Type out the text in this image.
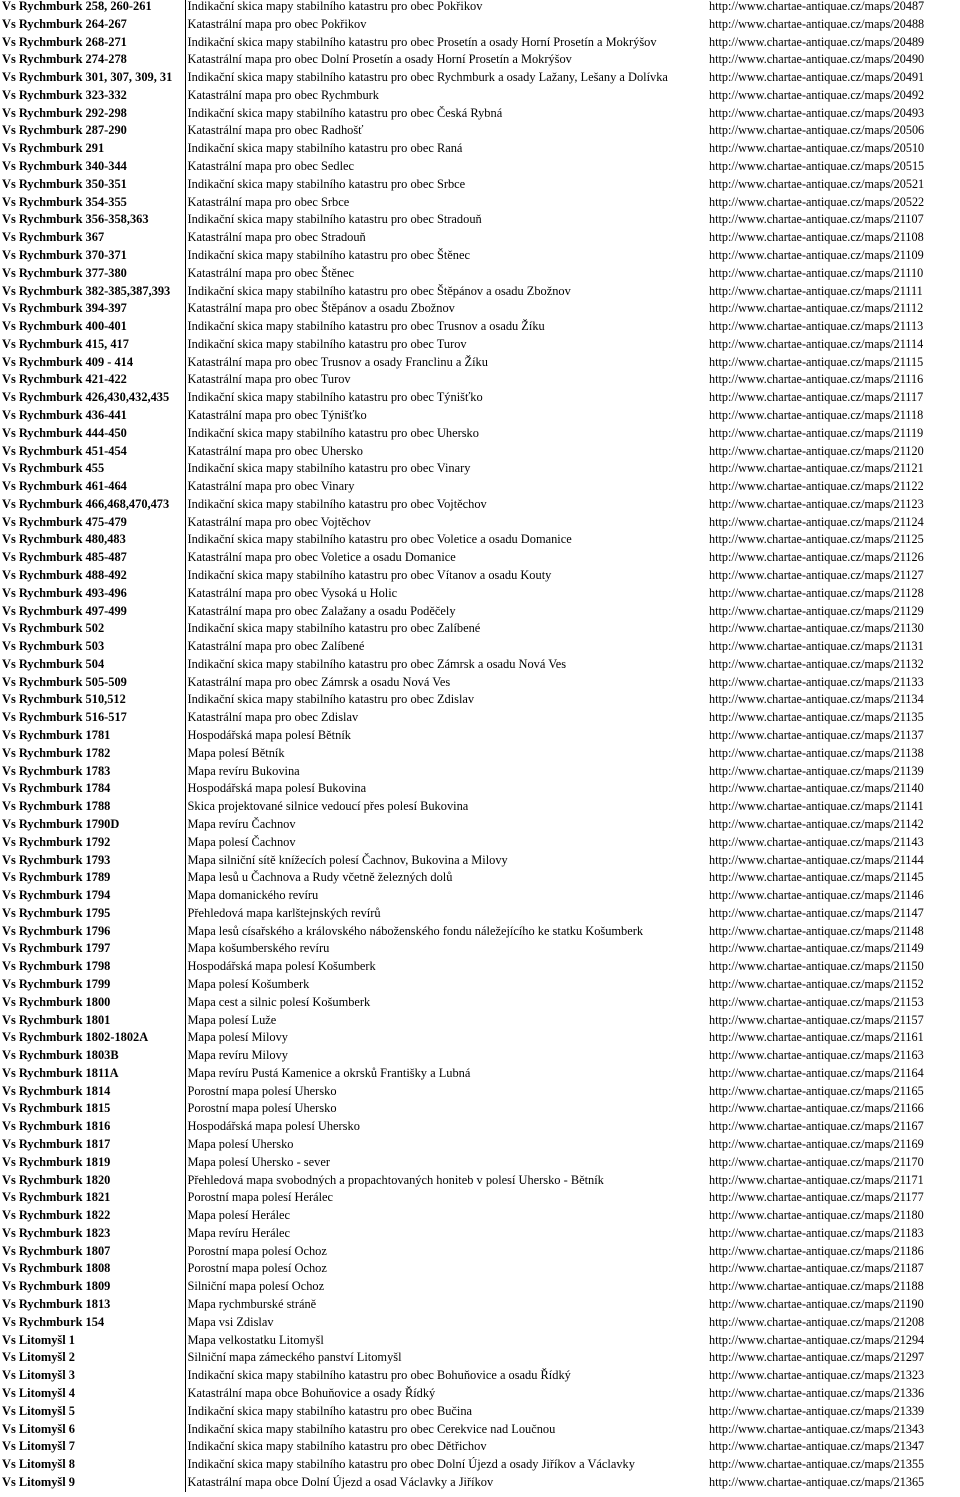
Vs Rychmburk 258, 260-261	Indikační skica mapy stabilního katastru pro obec Pokřikov	http://www.chartae-antiquae.cz/maps/20487
Vs Rychmburk 264-267	Katastrální mapa pro obec Pokřikov	http://www.chartae-antiquae.cz/maps/20488
Vs Rychmburk 268-271	Indikační skica mapy stabilního katastru pro obec Prosetín a osady Horní Prosetín a Mokrýšov	http://www.chartae-antiquae.cz/maps/20489
Vs Rychmburk 274-278	Katastrální mapa pro obec Dolní Prosetín a osady Horní Prosetín a Mokrýšov	http://www.chartae-antiquae.cz/maps/20490
Vs Rychmburk 301, 307, 309, 31	Indikační skica mapy stabilního katastru pro obec Rychmburk a osady Lažany, Lešany a Dolívka	http://www.chartae-antiquae.cz/maps/20491
Vs Rychmburk 323-332	Katastrální mapa pro obec Rychmburk	http://www.chartae-antiquae.cz/maps/20492
Vs Rychmburk 292-298	Indikační skica mapy stabilního katastru pro obec Česká Rybná	http://www.chartae-antiquae.cz/maps/20493
Vs Rychmburk 287-290	Katastrální mapa pro obec Radhošť	http://www.chartae-antiquae.cz/maps/20506
Vs Rychmburk 291	Indikační skica mapy stabilního katastru pro obec Raná	http://www.chartae-antiquae.cz/maps/20510
Vs Rychmburk 340-344	Katastrální mapa pro obec Sedlec	http://www.chartae-antiquae.cz/maps/20515
Vs Rychmburk 350-351	Indikační skica mapy stabilního katastru pro obec Srbce	http://www.chartae-antiquae.cz/maps/20521
Vs Rychmburk 354-355	Katastrální mapa pro obec Srbce	http://www.chartae-antiquae.cz/maps/20522
Vs Rychmburk 356-358,363	Indikační skica mapy stabilního katastru pro obec Stradouň	http://www.chartae-antiquae.cz/maps/21107
Vs Rychmburk 367	Katastrální mapa pro obec Stradouň	http://www.chartae-antiquae.cz/maps/21108
Vs Rychmburk 370-371	Indikační skica mapy stabilního katastru pro obec Štěnec	http://www.chartae-antiquae.cz/maps/21109
Vs Rychmburk 377-380	Katastrální mapa pro obec Štěnec	http://www.chartae-antiquae.cz/maps/21110
Vs Rychmburk 382-385,387,393	Indikační skica mapy stabilního katastru pro obec Štěpánov a osadu Zbožnov	http://www.chartae-antiquae.cz/maps/21111
Vs Rychmburk 394-397	Katastrální mapa pro obec Štěpánov a osadu Zbožnov	http://www.chartae-antiquae.cz/maps/21112
Vs Rychmburk 400-401	Indikační skica mapy stabilního katastru pro obec Trusnov a osadu Žíku	http://www.chartae-antiquae.cz/maps/21113
Vs Rychmburk 415, 417	Indikační skica mapy stabilního katastru pro obec Turov	http://www.chartae-antiquae.cz/maps/21114
Vs Rychmburk 409 - 414	Katastrální mapa pro obec Trusnov a osady Franclinu a Žíku	http://www.chartae-antiquae.cz/maps/21115
Vs Rychmburk 421-422	Katastrální mapa pro obec Turov	http://www.chartae-antiquae.cz/maps/21116
Vs Rychmburk 426,430,432,435	Indikační skica mapy stabilního katastru pro obec Týnišťko	http://www.chartae-antiquae.cz/maps/21117
Vs Rychmburk 436-441	Katastrální mapa pro obec Týnišťko	http://www.chartae-antiquae.cz/maps/21118
Vs Rychmburk 444-450	Indikační skica mapy stabilního katastru pro obec Uhersko	http://www.chartae-antiquae.cz/maps/21119
Vs Rychmburk 451-454	Katastrální mapa pro obec Uhersko	http://www.chartae-antiquae.cz/maps/21120
Vs Rychmburk 455	Indikační skica mapy stabilního katastru pro obec Vinary	http://www.chartae-antiquae.cz/maps/21121
Vs Rychmburk 461-464	Katastrální mapa pro obec Vinary	http://www.chartae-antiquae.cz/maps/21122
Vs Rychmburk 466,468,470,473	Indikační skica mapy stabilního katastru pro obec Vojtěchov	http://www.chartae-antiquae.cz/maps/21123
Vs Rychmburk 475-479	Katastrální mapa pro obec Vojtěchov	http://www.chartae-antiquae.cz/maps/21124
Vs Rychmburk 480,483	Indikační skica mapy stabilního katastru pro obec Voletice a osadu Domanice	http://www.chartae-antiquae.cz/maps/21125
Vs Rychmburk 485-487	Katastrální mapa pro obec Voletice a osadu Domanice	http://www.chartae-antiquae.cz/maps/21126
Vs Rychmburk 488-492	Indikační skica mapy stabilního katastru pro obec Vítanov a osadu Kouty	http://www.chartae-antiquae.cz/maps/21127
Vs Rychmburk 493-496	Katastrální mapa pro obec Vysoká u Holic	http://www.chartae-antiquae.cz/maps/21128
Vs Rychmburk 497-499	Katastrální mapa pro obec Zalažany a osadu Poděčely	http://www.chartae-antiquae.cz/maps/21129
Vs Rychmburk 502	Indikační skica mapy stabilního katastru pro obec Zalíbené	http://www.chartae-antiquae.cz/maps/21130
Vs Rychmburk 503	Katastrální mapa pro obec Zalíbené	http://www.chartae-antiquae.cz/maps/21131
Vs Rychmburk 504	Indikační skica mapy stabilního katastru pro obec Zámrsk a osadu Nová Ves	http://www.chartae-antiquae.cz/maps/21132
Vs Rychmburk 505-509	Katastrální mapa pro obec Zámrsk a osadu Nová Ves	http://www.chartae-antiquae.cz/maps/21133
Vs Rychmburk 510,512	Indikační skica mapy stabilního katastru pro obec Zdislav	http://www.chartae-antiquae.cz/maps/21134
Vs Rychmburk 516-517	Katastrální mapa pro obec Zdislav	http://www.chartae-antiquae.cz/maps/21135
Vs Rychmburk 1781	Hospodářská mapa polesí Bětník	http://www.chartae-antiquae.cz/maps/21137
Vs Rychmburk 1782	Mapa polesí Bětník	http://www.chartae-antiquae.cz/maps/21138
Vs Rychmburk 1783	Mapa revíru Bukovina	http://www.chartae-antiquae.cz/maps/21139
Vs Rychmburk 1784	Hospodářská mapa polesí Bukovina	http://www.chartae-antiquae.cz/maps/21140
Vs Rychmburk 1788	Skica projektované silnice vedoucí přes polesí Bukovina	http://www.chartae-antiquae.cz/maps/21141
Vs Rychmburk 1790D	Mapa revíru Čachnov	http://www.chartae-antiquae.cz/maps/21142
Vs Rychmburk 1792	Mapa polesí Čachnov	http://www.chartae-antiquae.cz/maps/21143
Vs Rychmburk 1793	Mapa silniční sítě knížecích polesí Čachnov, Bukovina a Milovy	http://www.chartae-antiquae.cz/maps/21144
Vs Rychmburk 1789	Mapa lesů u Čachnova a Rudy včetně železných dolů	http://www.chartae-antiquae.cz/maps/21145
Vs Rychmburk 1794	Mapa domanického revíru	http://www.chartae-antiquae.cz/maps/21146
Vs Rychmburk 1795	Přehledová mapa karlštejnských revírů	http://www.chartae-antiquae.cz/maps/21147
Vs Rychmburk 1796	Mapa lesů císařského a královského náboženského fondu náležejícího ke statku Košumberk	http://www.chartae-antiquae.cz/maps/21148
Vs Rychmburk 1797	Mapa košumberského revíru	http://www.chartae-antiquae.cz/maps/21149
Vs Rychmburk 1798	Hospodářská mapa polesí Košumberk	http://www.chartae-antiquae.cz/maps/21150
Vs Rychmburk 1799	Mapa polesí Košumberk	http://www.chartae-antiquae.cz/maps/21152
Vs Rychmburk 1800	Mapa cest a silnic polesí Košumberk	http://www.chartae-antiquae.cz/maps/21153
Vs Rychmburk 1801	Mapa polesí Luže	http://www.chartae-antiquae.cz/maps/21157
Vs Rychmburk 1802-1802A	Mapa polesí Milovy	http://www.chartae-antiquae.cz/maps/21161
Vs Rychmburk 1803B	Mapa revíru Milovy	http://www.chartae-antiquae.cz/maps/21163
Vs Rychmburk 1811A	Mapa revíru Pustá Kamenice a okrsků Františky a Lubná	http://www.chartae-antiquae.cz/maps/21164
Vs Rychmburk 1814	Porostní mapa polesí Uhersko	http://www.chartae-antiquae.cz/maps/21165
Vs Rychmburk 1815	Porostní mapa polesí Uhersko	http://www.chartae-antiquae.cz/maps/21166
Vs Rychmburk 1816	Hospodářská mapa polesí Uhersko	http://www.chartae-antiquae.cz/maps/21167
Vs Rychmburk 1817	Mapa polesí Uhersko	http://www.chartae-antiquae.cz/maps/21169
Vs Rychmburk 1819	Mapa polesí Uhersko - sever	http://www.chartae-antiquae.cz/maps/21170
Vs Rychmburk 1820	Přehledová mapa svobodných a propachtovaných honiteb v polesí Uhersko - Bětník	http://www.chartae-antiquae.cz/maps/21171
Vs Rychmburk 1821	Porostní mapa polesí Herálec	http://www.chartae-antiquae.cz/maps/21177
Vs Rychmburk 1822	Mapa polesí Herálec	http://www.chartae-antiquae.cz/maps/21180
Vs Rychmburk 1823	Mapa revíru Herálec	http://www.chartae-antiquae.cz/maps/21183
Vs Rychmburk 1807	Porostní mapa polesí Ochoz	http://www.chartae-antiquae.cz/maps/21186
Vs Rychmburk 1808	Porostní mapa polesí Ochoz	http://www.chartae-antiquae.cz/maps/21187
Vs Rychmburk 1809	Silniční mapa polesí Ochoz	http://www.chartae-antiquae.cz/maps/21188
Vs Rychmburk 1813	Mapa rychmburské stráně	http://www.chartae-antiquae.cz/maps/21190
Vs Rychmburk 154	Mapa vsi Zdislav	http://www.chartae-antiquae.cz/maps/21208
Vs Litomyšl 1	Mapa velkostatku Litomyšl	http://www.chartae-antiquae.cz/maps/21294
Vs Litomyšl 2	Silniční mapa zámeckého panství Litomyšl	http://www.chartae-antiquae.cz/maps/21297
Vs Litomyšl 3	Indikační skica mapy stabilního katastru pro obec Bohuňovice a osadu Řídký	http://www.chartae-antiquae.cz/maps/21323
Vs Litomyšl 4	Katastrální mapa obce Bohuňovice a osady Řídký	http://www.chartae-antiquae.cz/maps/21336
Vs Litomyšl 5	Indikační skica mapy stabilního katastru pro obec Bučina	http://www.chartae-antiquae.cz/maps/21339
Vs Litomyšl 6	Indikační skica mapy stabilního katastru pro obec Cerekvice nad Loučnou	http://www.chartae-antiquae.cz/maps/21343
Vs Litomyšl 7	Indikační skica mapy stabilního katastru pro obec Dětřichov	http://www.chartae-antiquae.cz/maps/21347
Vs Litomyšl 8	Indikační skica mapy stabilního katastru pro obec Dolní Újezd a osady Jiříkov a Václavky	http://www.chartae-antiquae.cz/maps/21355
Vs Litomyšl 9	Katastrální mapa obce Dolní Újezd a osad Václavky a Jiříkov	http://www.chartae-antiquae.cz/maps/21365
